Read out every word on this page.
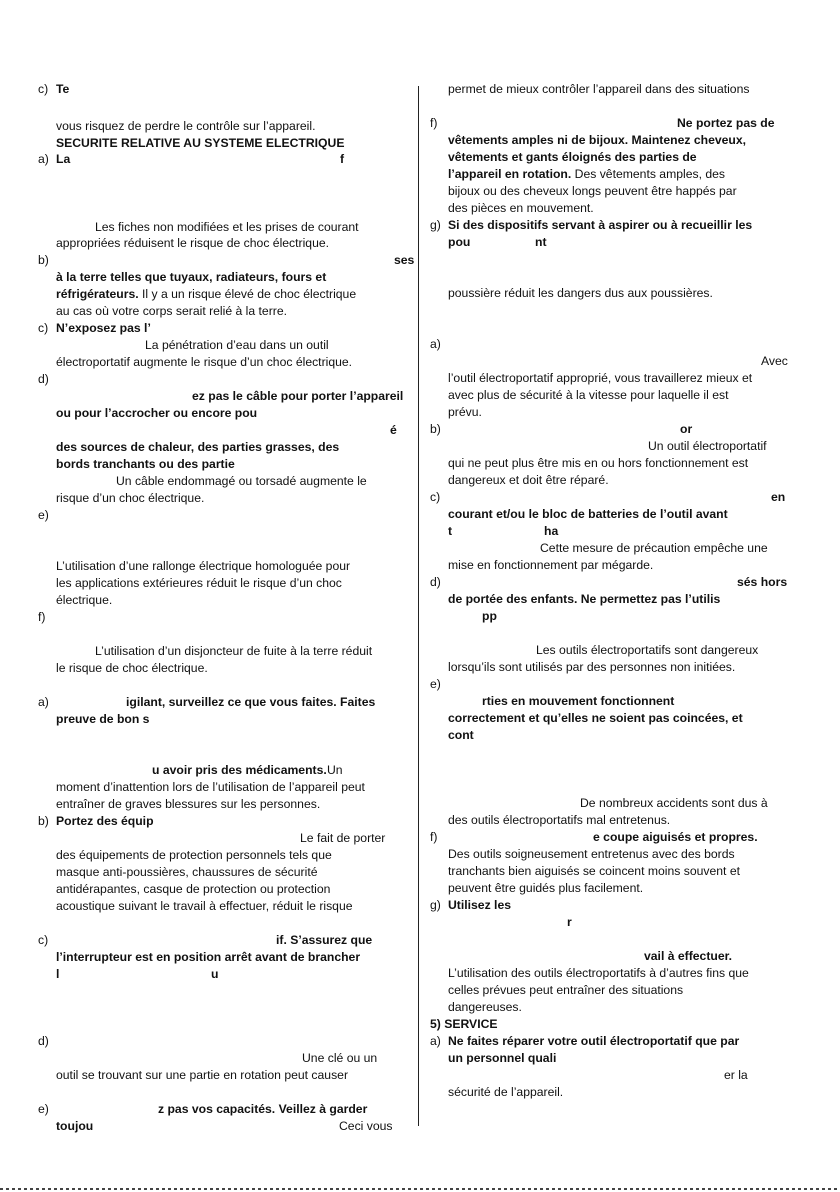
c) Te
vous risquez de perdre le contrôle sur l’appareil.
SECURITE RELATIVE AU SYSTEME ELECTRIQUE
a) La	f
Les fiches non modifiées et les prises de courant
appropriées réduisent le risque de choc électrique.
b)	ses
à la terre telles que tuyaux, radiateurs, fours et
réfrigérateurs. Il y a un risque élevé de choc électrique
au cas où votre corps serait relié à la terre.
c) N’exposez pas l’
La pénétration d’eau dans un outil
électroportatif augmente le risque d’un choc électrique.
d)
ez pas le câble pour porter l’appareil
ou pour l’accrocher ou encore pou
é
des sources de chaleur, des parties grasses, des
bords tranchants ou des partie
Un câble endommagé ou torsadé augmente le
risque d’un choc électrique.
e)
L’utilisation d’une rallonge électrique homologuée pour
les applications extérieures réduit le risque d’un choc
électrique.
f)
L’utilisation d’un disjoncteur de fuite à la terre réduit
le risque de choc électrique.
a)	igilant, surveillez ce que vous faites. Faites
preuve de bon s
u avoir pris des médicaments. Un
moment d’inattention lors de l’utilisation de l’appareil peut
entraîner de graves blessures sur les personnes.
b) Portez des équip
Le fait de porter
des équipements de protection personnels tels que
masque anti-poussières, chaussures de sécurité
antidérapantes, casque de protection ou protection
acoustique suivant le travail à effectuer, réduit le risque
c)	if. S’assurez que
l’interrupteur est en position arrêt avant de brancher
l	u
d)
Une clé ou un
outil se trouvant sur une partie en rotation peut causer
e)	z pas vos capacités. Veillez à garder
toujou	Ceci vous
permet de mieux contrôler l’appareil dans des situations
f)	Ne portez pas de
vêtements amples ni de bijoux. Maintenez cheveux,
vêtements et gants éloignés des parties de
l’appareil en rotation. Des vêtements amples, des
bijoux ou des cheveux longs peuvent être happés par
des pièces en mouvement.
g) Si des dispositifs servant à aspirer ou à recueillir les
pou	nt
poussière réduit les dangers dus aux poussières.
a)
Avec
l’outil électroportatif approprié, vous travaillerez mieux et
avec plus de sécurité à la vitesse pour laquelle il est
prévu.
b)	or
Un outil électroportatif
qui ne peut plus être mis en ou hors fonctionnement est
dangereux et doit être réparé.
c)	en
courant et/ou le bloc de batteries de l’outil avant
t	ha
Cette mesure de précaution empêche une
mise en fonctionnement par mégarde.
d)	sés hors
de portée des enfants. Ne permettez pas l’utilis
pp
Les outils électroportatifs sont dangereux
lorsqu’ils sont utilisés par des personnes non initiées.
e)
rties en mouvement fonctionnent
correctement et qu’elles ne soient pas coincées, et
cont
De nombreux accidents sont dus à
des outils électroportatifs mal entretenus.
f)	e coupe aiguisés et propres.
Des outils soigneusement entretenus avec des bords
tranchants bien aiguisés se coincent moins souvent et
peuvent être guidés plus facilement.
g) Utilisez les
r
vail à effectuer.
L’utilisation des outils électroportatifs à d’autres fins que
celles prévues peut entraîner des situations
dangereuses.
5) SERVICE
a) Ne faites réparer votre outil électroportatif que par
un personnel quali
er la
sécurité de l’appareil.
